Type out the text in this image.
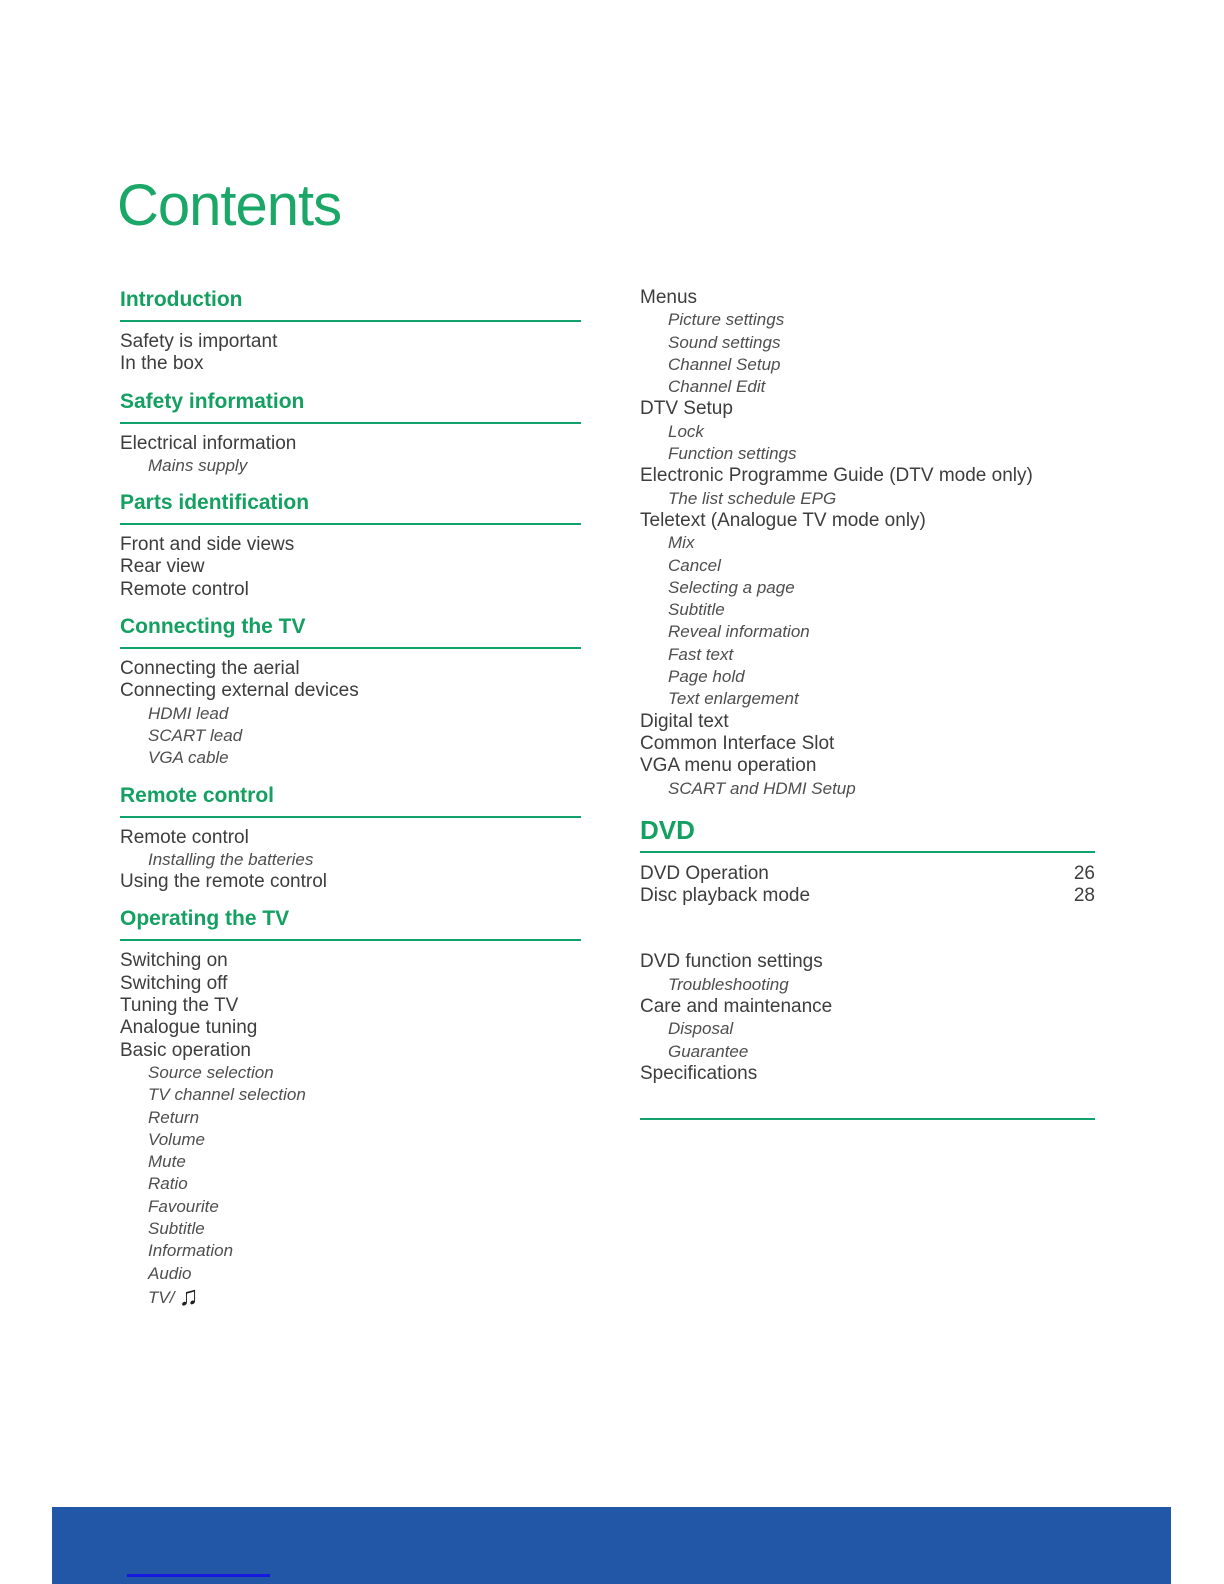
Contents
Introduction
Safety is important
In the box
Safety information
Electrical information
Mains supply
Parts identification
Front and side views
Rear view
Remote control
Connecting the TV
Connecting the aerial
Connecting external devices
HDMI lead
SCART lead
VGA cable
Remote control
Remote control
Installing the batteries
Using the remote control
Operating the TV
Switching on
Switching off
Tuning the TV
Analogue tuning
Basic operation
Source selection
TV channel selection
Return
Volume
Mute
Ratio
Favourite
Subtitle
Information
Audio
TV/ ♫
Menus
Picture settings
Sound settings
Channel Setup
Channel Edit
DTV Setup
Lock
Function settings
Electronic Programme Guide (DTV mode only)
The list schedule EPG
Teletext (Analogue TV mode only)
Mix
Cancel
Selecting a page
Subtitle
Reveal information
Fast text
Page hold
Text enlargement
Digital text
Common Interface Slot
VGA menu operation
SCART and HDMI Setup
DVD
DVD Operation	26
Disc playback mode	28
DVD function settings
Troubleshooting
Care and maintenance
Disposal
Guarantee
Specifications
